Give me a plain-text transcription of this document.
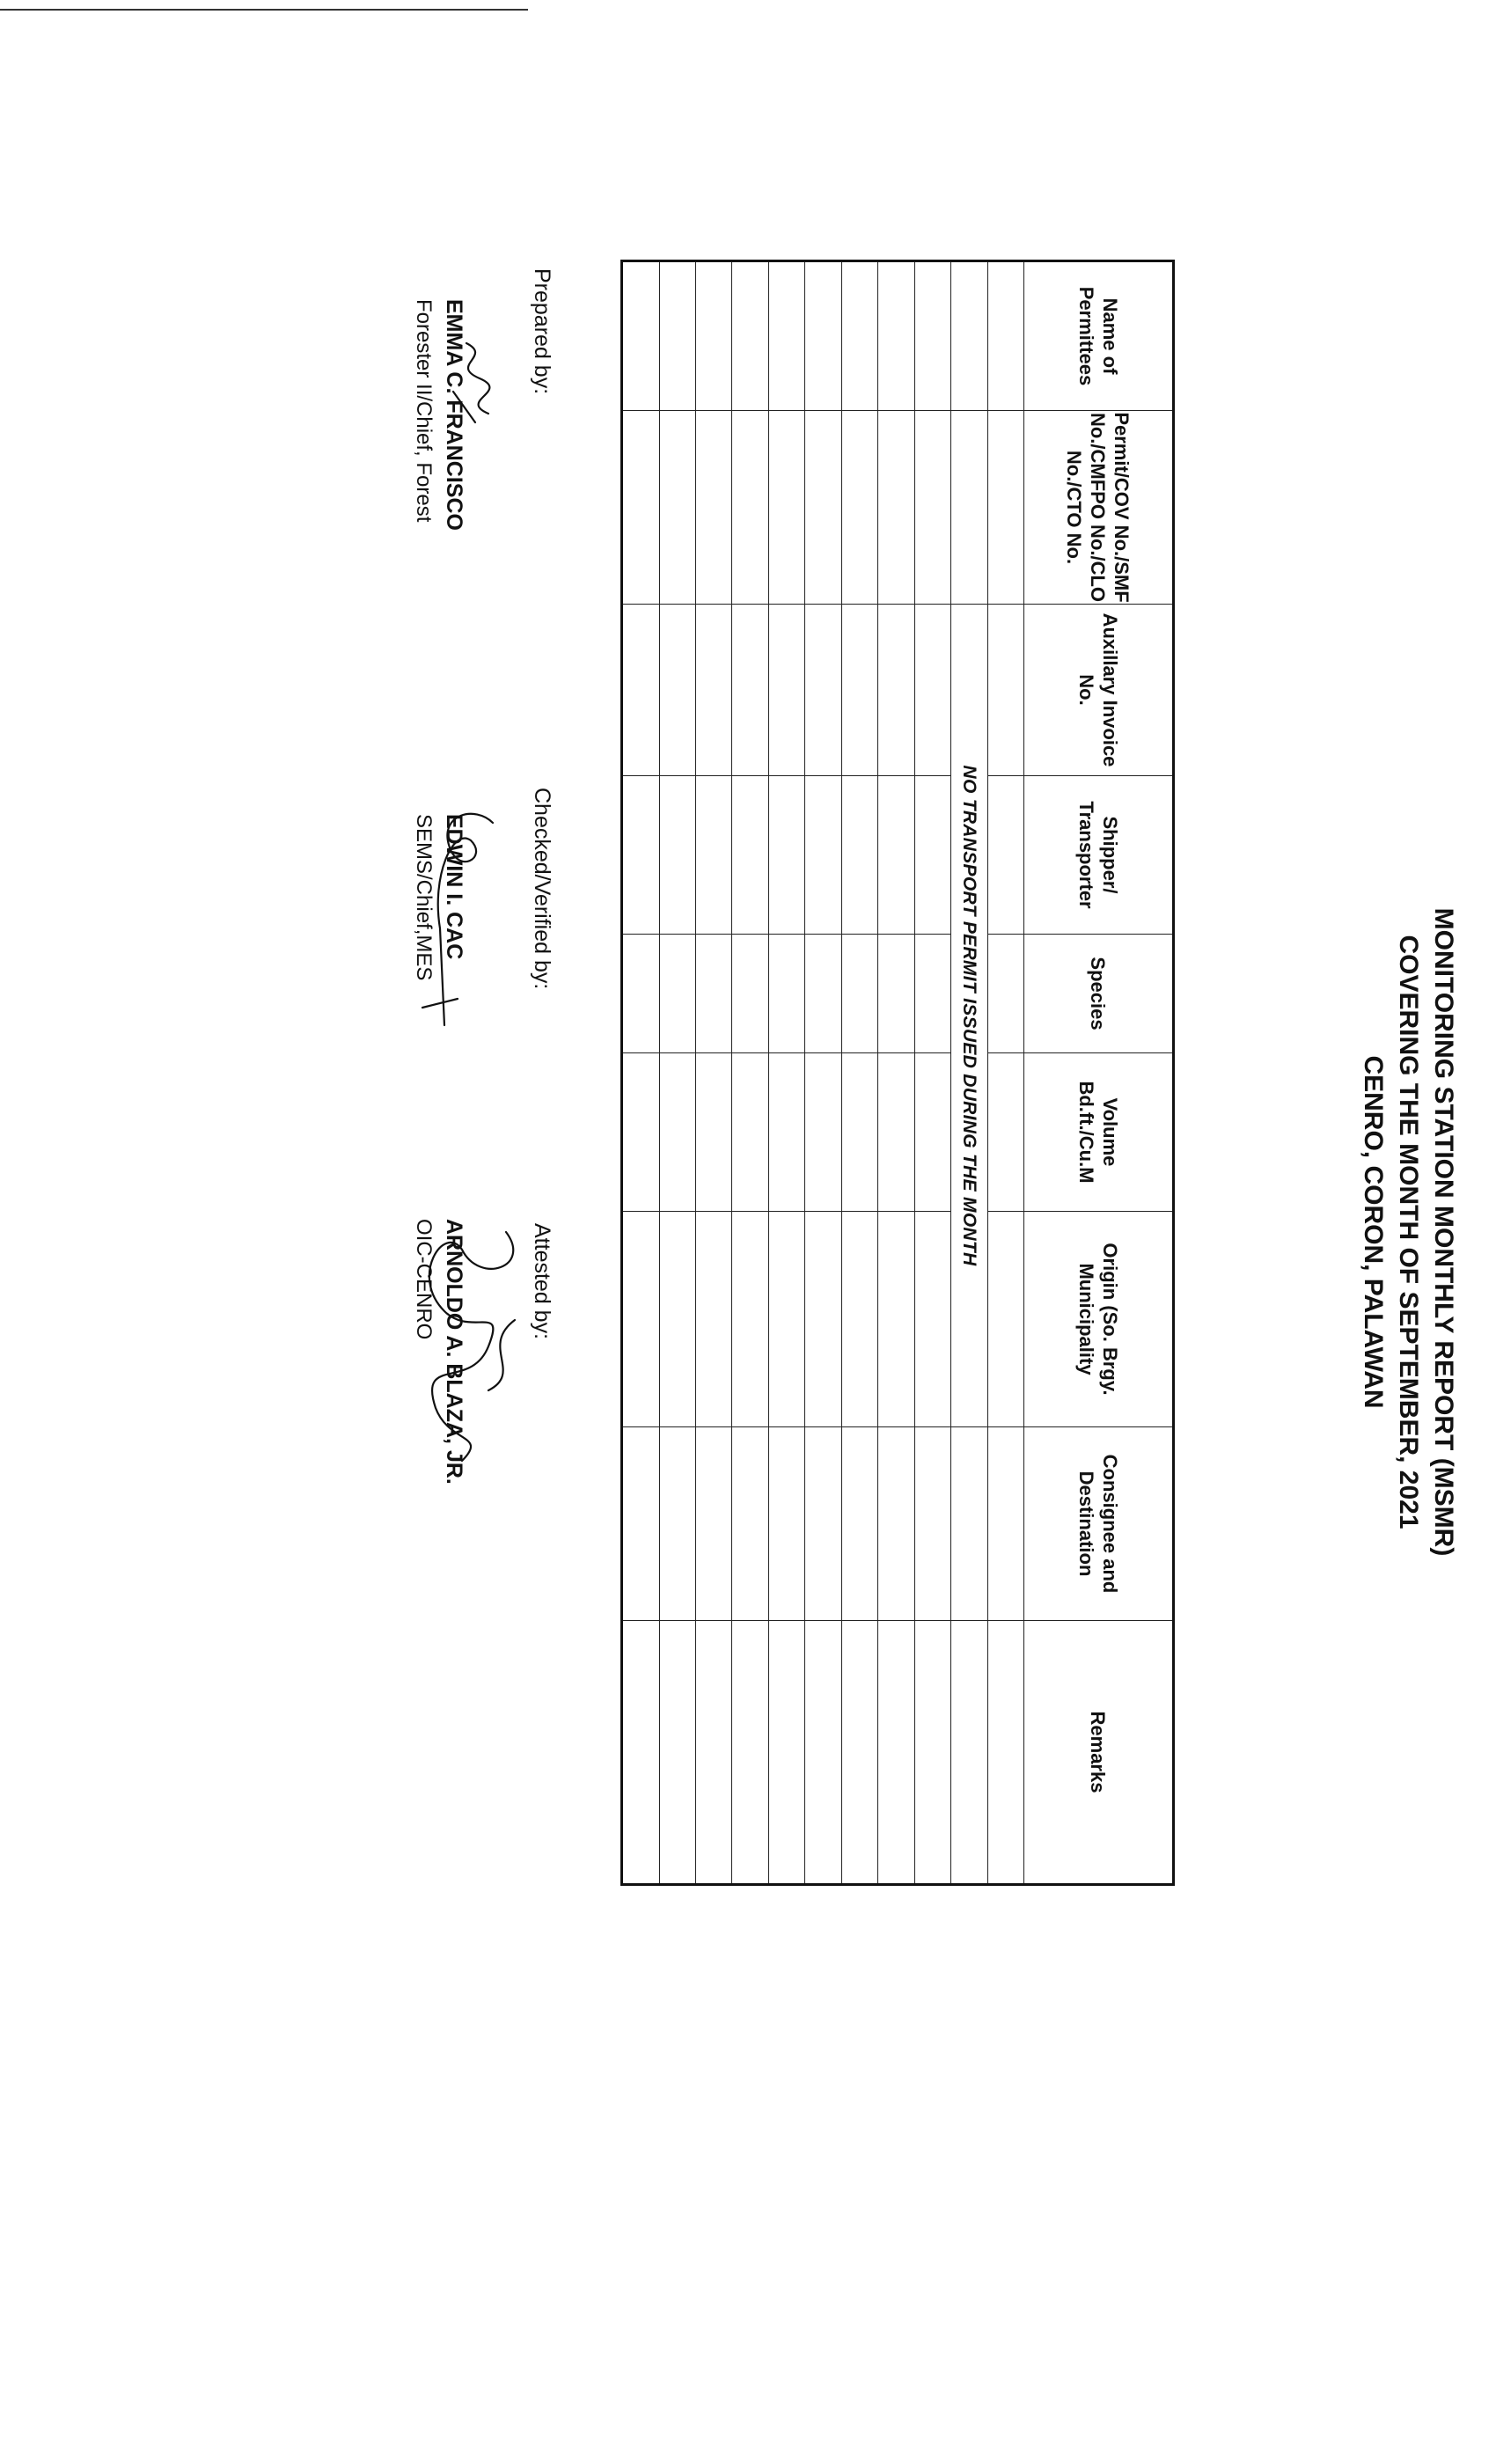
MONITORING STATION MONTHLY REPORT (MSMR)
COVERING THE MONTH OF SEPTEMBER, 2021
CENRO, CORON, PALAWAN
Name of Permittees	Permit/COV No./SMF No./CMFPO No./CLO No./CTO No.	Auxillary Invoice No.	Shipper/ Transporter	Species	Volume Bd.ft./Cu.M	Origin (So. Brgy. Municipality	Consignee and Destination	Remarks

		NO TRANSPORT PERMIT ISSUED DURING THE MONTH						

Prepared by:
EMMA C. FRANCISCO
Forester II/Chief, Forest
Checked/Verified by:
EDWIN I. CAC
SEMS/Chief,MES
Attested by:
ARNOLDO A. BLAZA, JR.
OIC-CENRO
